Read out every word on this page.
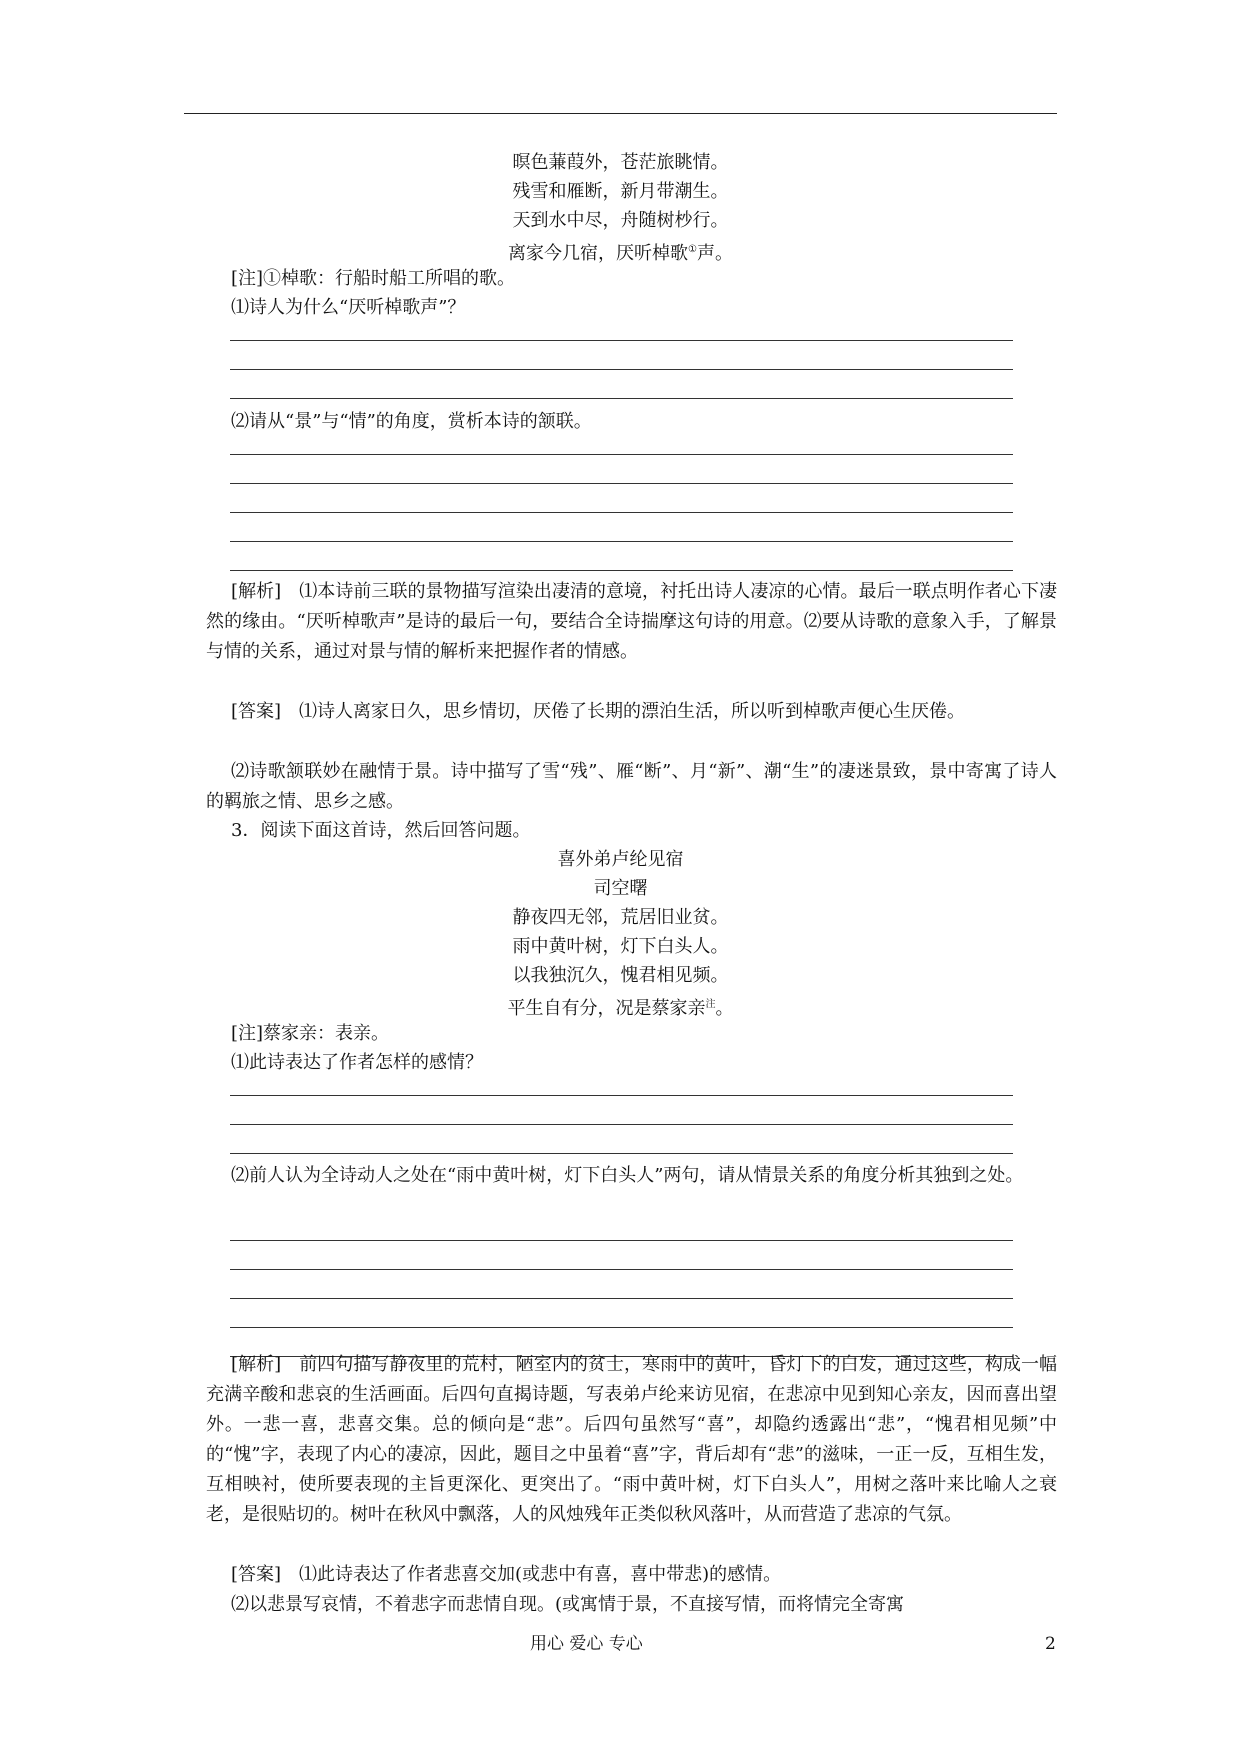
暝色蒹葭外，苍茫旅眺情。
残雪和雁断，新月带潮生。
天到水中尽，舟随树杪行。
离家今几宿，厌听棹歌①声。
[注]①棹歌：行船时船工所唱的歌。
⑴诗人为什么“厌听棹歌声”？
⑵请从“景”与“情”的角度，赏析本诗的颔联。
[解析]　⑴本诗前三联的景物描写渲染出凄清的意境，衬托出诗人凄凉的心情。最后一联点明作者心下凄然的缘由。“厌听棹歌声”是诗的最后一句，要结合全诗揣摩这句诗的用意。⑵要从诗歌的意象入手，了解景与情的关系，通过对景与情的解析来把握作者的情感。
[答案]　⑴诗人离家日久，思乡情切，厌倦了长期的漂泊生活，所以听到棹歌声便心生厌倦。
⑵诗歌颔联妙在融情于景。诗中描写了雪“残”、雁“断”、月“新”、潮“生”的凄迷景致，景中寄寓了诗人的羁旅之情、思乡之感。
3．阅读下面这首诗，然后回答问题。
喜外弟卢纶见宿
司空曙
静夜四无邻，荒居旧业贫。
雨中黄叶树，灯下白头人。
以我独沉久，愧君相见频。
平生自有分，况是蔡家亲$^注$。
[注]蔡家亲：表亲。
⑴此诗表达了作者怎样的感情？
⑵前人认为全诗动人之处在“雨中黄叶树，灯下白头人”两句，请从情景关系的角度分析其独到之处。
[解析]　前四句描写静夜里的荒村，陋室内的贫士，寒雨中的黄叶，昏灯下的白发，通过这些，构成一幅充满辛酸和悲哀的生活画面。后四句直揭诗题，写表弟卢纶来访见宿，在悲凉中见到知心亲友，因而喜出望外。一悲一喜，悲喜交集。总的倾向是“悲”。后四句虽然写“喜”，却隐约透露出“悲”，“愧君相见频”中的“愧”字，表现了内心的凄凉，因此，题目之中虽着“喜”字，背后却有“悲”的滋味，一正一反，互相生发，互相映衬，使所要表现的主旨更深化、更突出了。“雨中黄叶树，灯下白头人”，用树之落叶来比喻人之衰老，是很贴切的。树叶在秋风中飘落，人的风烛残年正类似秋风落叶，从而营造了悲凉的气氛。
[答案]　⑴此诗表达了作者悲喜交加(或悲中有喜，喜中带悲)的感情。
⑵以悲景写哀情，不着悲字而悲情自现。(或寓情于景，不直接写情，而将情完全寄寓
用心 爱心 专心	2
